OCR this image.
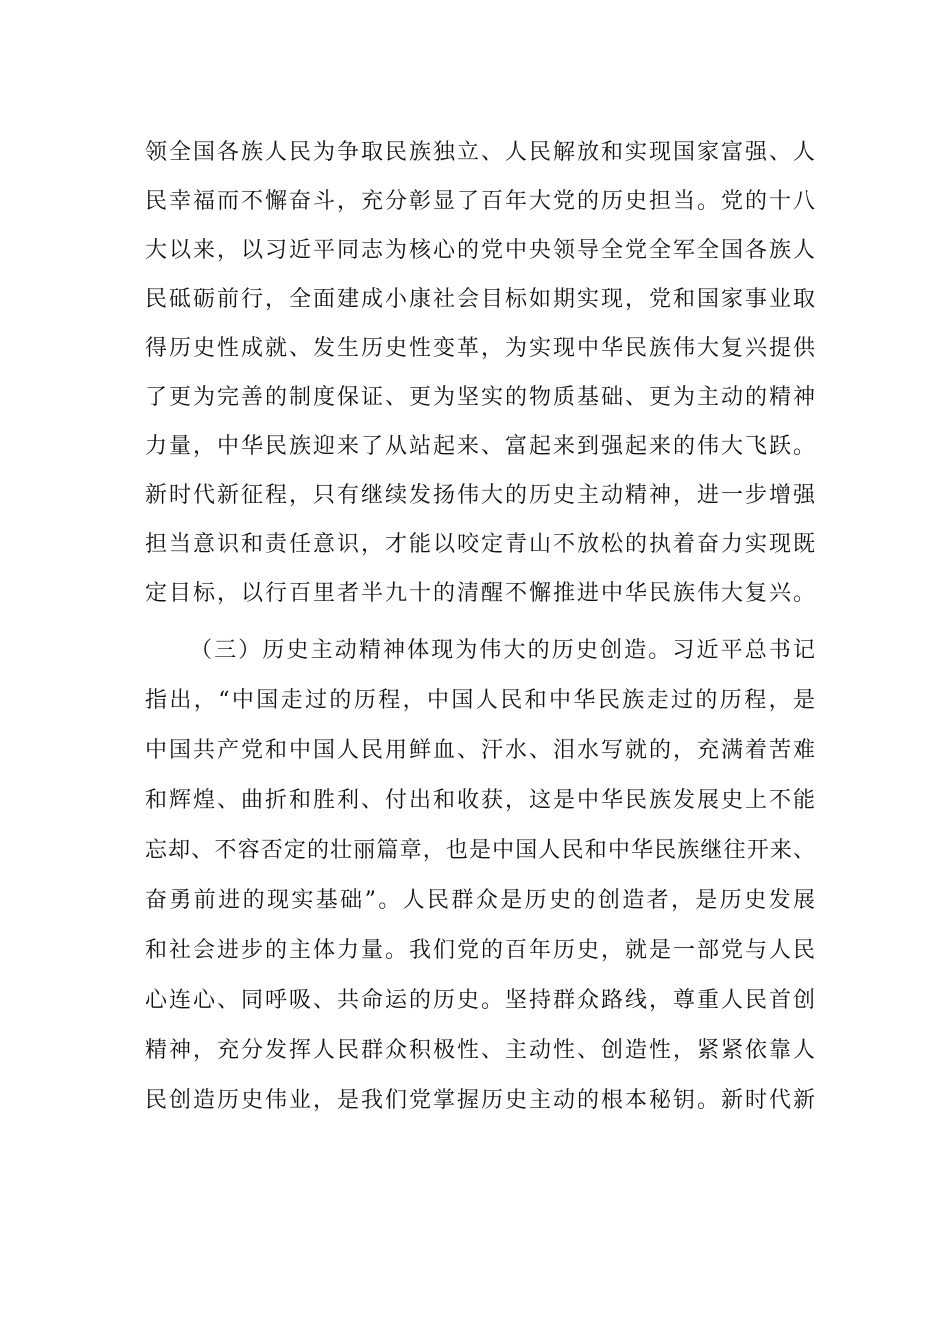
领全国各族人民为争取民族独立、人民解放和实现国家富强、人
民幸福而不懈奋斗，充分彰显了百年大党的历史担当。党的十八
大以来，以习近平同志为核心的党中央领导全党全军全国各族人
民砥砺前行，全面建成小康社会目标如期实现，党和国家事业取
得历史性成就、发生历史性变革，为实现中华民族伟大复兴提供
了更为完善的制度保证、更为坚实的物质基础、更为主动的精神
力量，中华民族迎来了从站起来、富起来到强起来的伟大飞跃。
新时代新征程，只有继续发扬伟大的历史主动精神，进一步增强
担当意识和责任意识，才能以咬定青山不放松的执着奋力实现既
定目标，以行百里者半九十的清醒不懈推进中华民族伟大复兴。
（三）历史主动精神体现为伟大的历史创造。习近平总书记
指出，“中国走过的历程，中国人民和中华民族走过的历程，是
中国共产党和中国人民用鲜血、汗水、泪水写就的，充满着苦难
和辉煌、曲折和胜利、付出和收获，这是中华民族发展史上不能
忘却、不容否定的壮丽篇章，也是中国人民和中华民族继往开来、
奋勇前进的现实基础”。人民群众是历史的创造者，是历史发展
和社会进步的主体力量。我们党的百年历史，就是一部党与人民
心连心、同呼吸、共命运的历史。坚持群众路线，尊重人民首创
精神，充分发挥人民群众积极性、主动性、创造性，紧紧依靠人
民创造历史伟业，是我们党掌握历史主动的根本秘钥。新时代新
